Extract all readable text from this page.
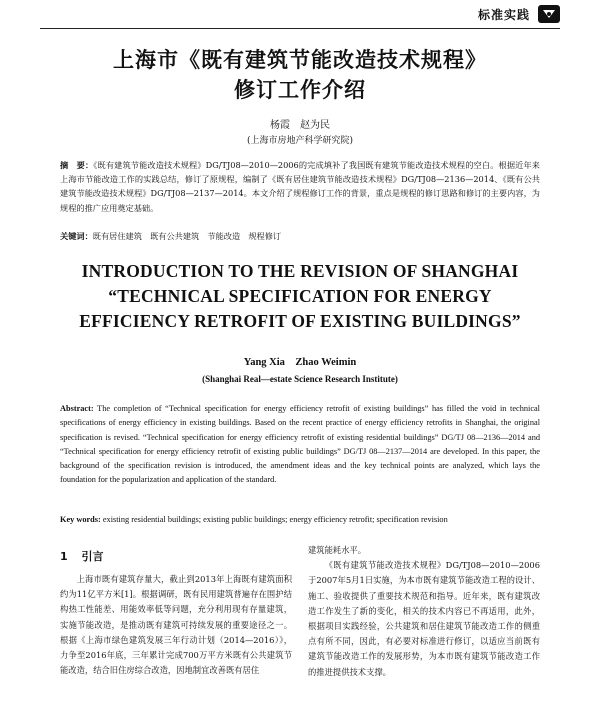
标准实践
上海市《既有建筑节能改造技术规程》
修订工作介绍
杨霞　赵为民
(上海市房地产科学研究院)
摘　要：《既有建筑节能改造技术规程》DG/TJ08—2010—2006的完成填补了我国既有建筑节能改造技术规程的空白。根据近年来上海市节能改造工作的实践总结，修订了原规程，编制了《既有居住建筑节能改造技术规程》DG/TJ08—2136—2014、《既有公共建筑节能改造技术规程》DG/TJ08—2137—2014。本文介绍了规程修订工作的背景，重点是规程的修订思路和修订的主要内容，为规程的推广应用奠定基础。
关键词：既有居住建筑　既有公共建筑　节能改造　规程修订
INTRODUCTION TO THE REVISION OF SHANGHAI
“TECHNICAL SPECIFICATION FOR ENERGY
EFFICIENCY RETROFIT OF EXISTING BUILDINGS”
Yang Xia　Zhao Weimin
(Shanghai Real—estate Science Research Institute)
Abstract: The completion of “Technical specification for energy efficiency retrofit of existing buildings” has filled the void in technical specifications of energy efficiency in existing buildings. Based on the recent practice of energy efficiency retrofits in Shanghai, the original specification is revised. “Technical specification for energy efficiency retrofit of existing residential buildings” DG/TJ 08—2136—2014 and “Technical specification for energy efficiency retrofit of existing public buildings” DG/TJ 08—2137—2014 are developed. In this paper, the background of the specification revision is introduced, the amendment ideas and the key technical points are analyzed, which lays the foundation for the popularization and application of the standard.
Key words: existing residential buildings; existing public buildings; energy efficiency retrofit; specification revision
1 引言

上海市既有建筑存量大，截止到2013年上海既有建筑面积约为11亿平方米[1]。根据调研，既有民用建筑普遍存在围护结构热工性能差、用能效率低等问题，充分利用现有存量建筑，实施节能改造，是推动既有建筑可持续发展的重要途径之一。根据《上海市绿色建筑发展三年行动计划（2014—2016）》，力争至2016年底，三年累计完成700万平方米既有公共建筑节能改造，结合旧住房综合改造，因地制宜改善既有居住

建筑能耗水平。

《既有建筑节能改造技术规程》DG/TJ08—2010—2006于2007年5月1日实施，为本市既有建筑节能改造工程的设计、施工、验收提供了重要技术规范和指导。近年来，既有建筑改造工作发生了新的变化，相关的技术内容已不再适用，此外，根据项目实践经验，公共建筑和居住建筑节能改造工作的侧重点有所不同，因此，有必要对标准进行修订，以适应当前既有建筑节能改造工作的发展形势，为本市既有建筑节能改造工作的推进提供技术支撑。
